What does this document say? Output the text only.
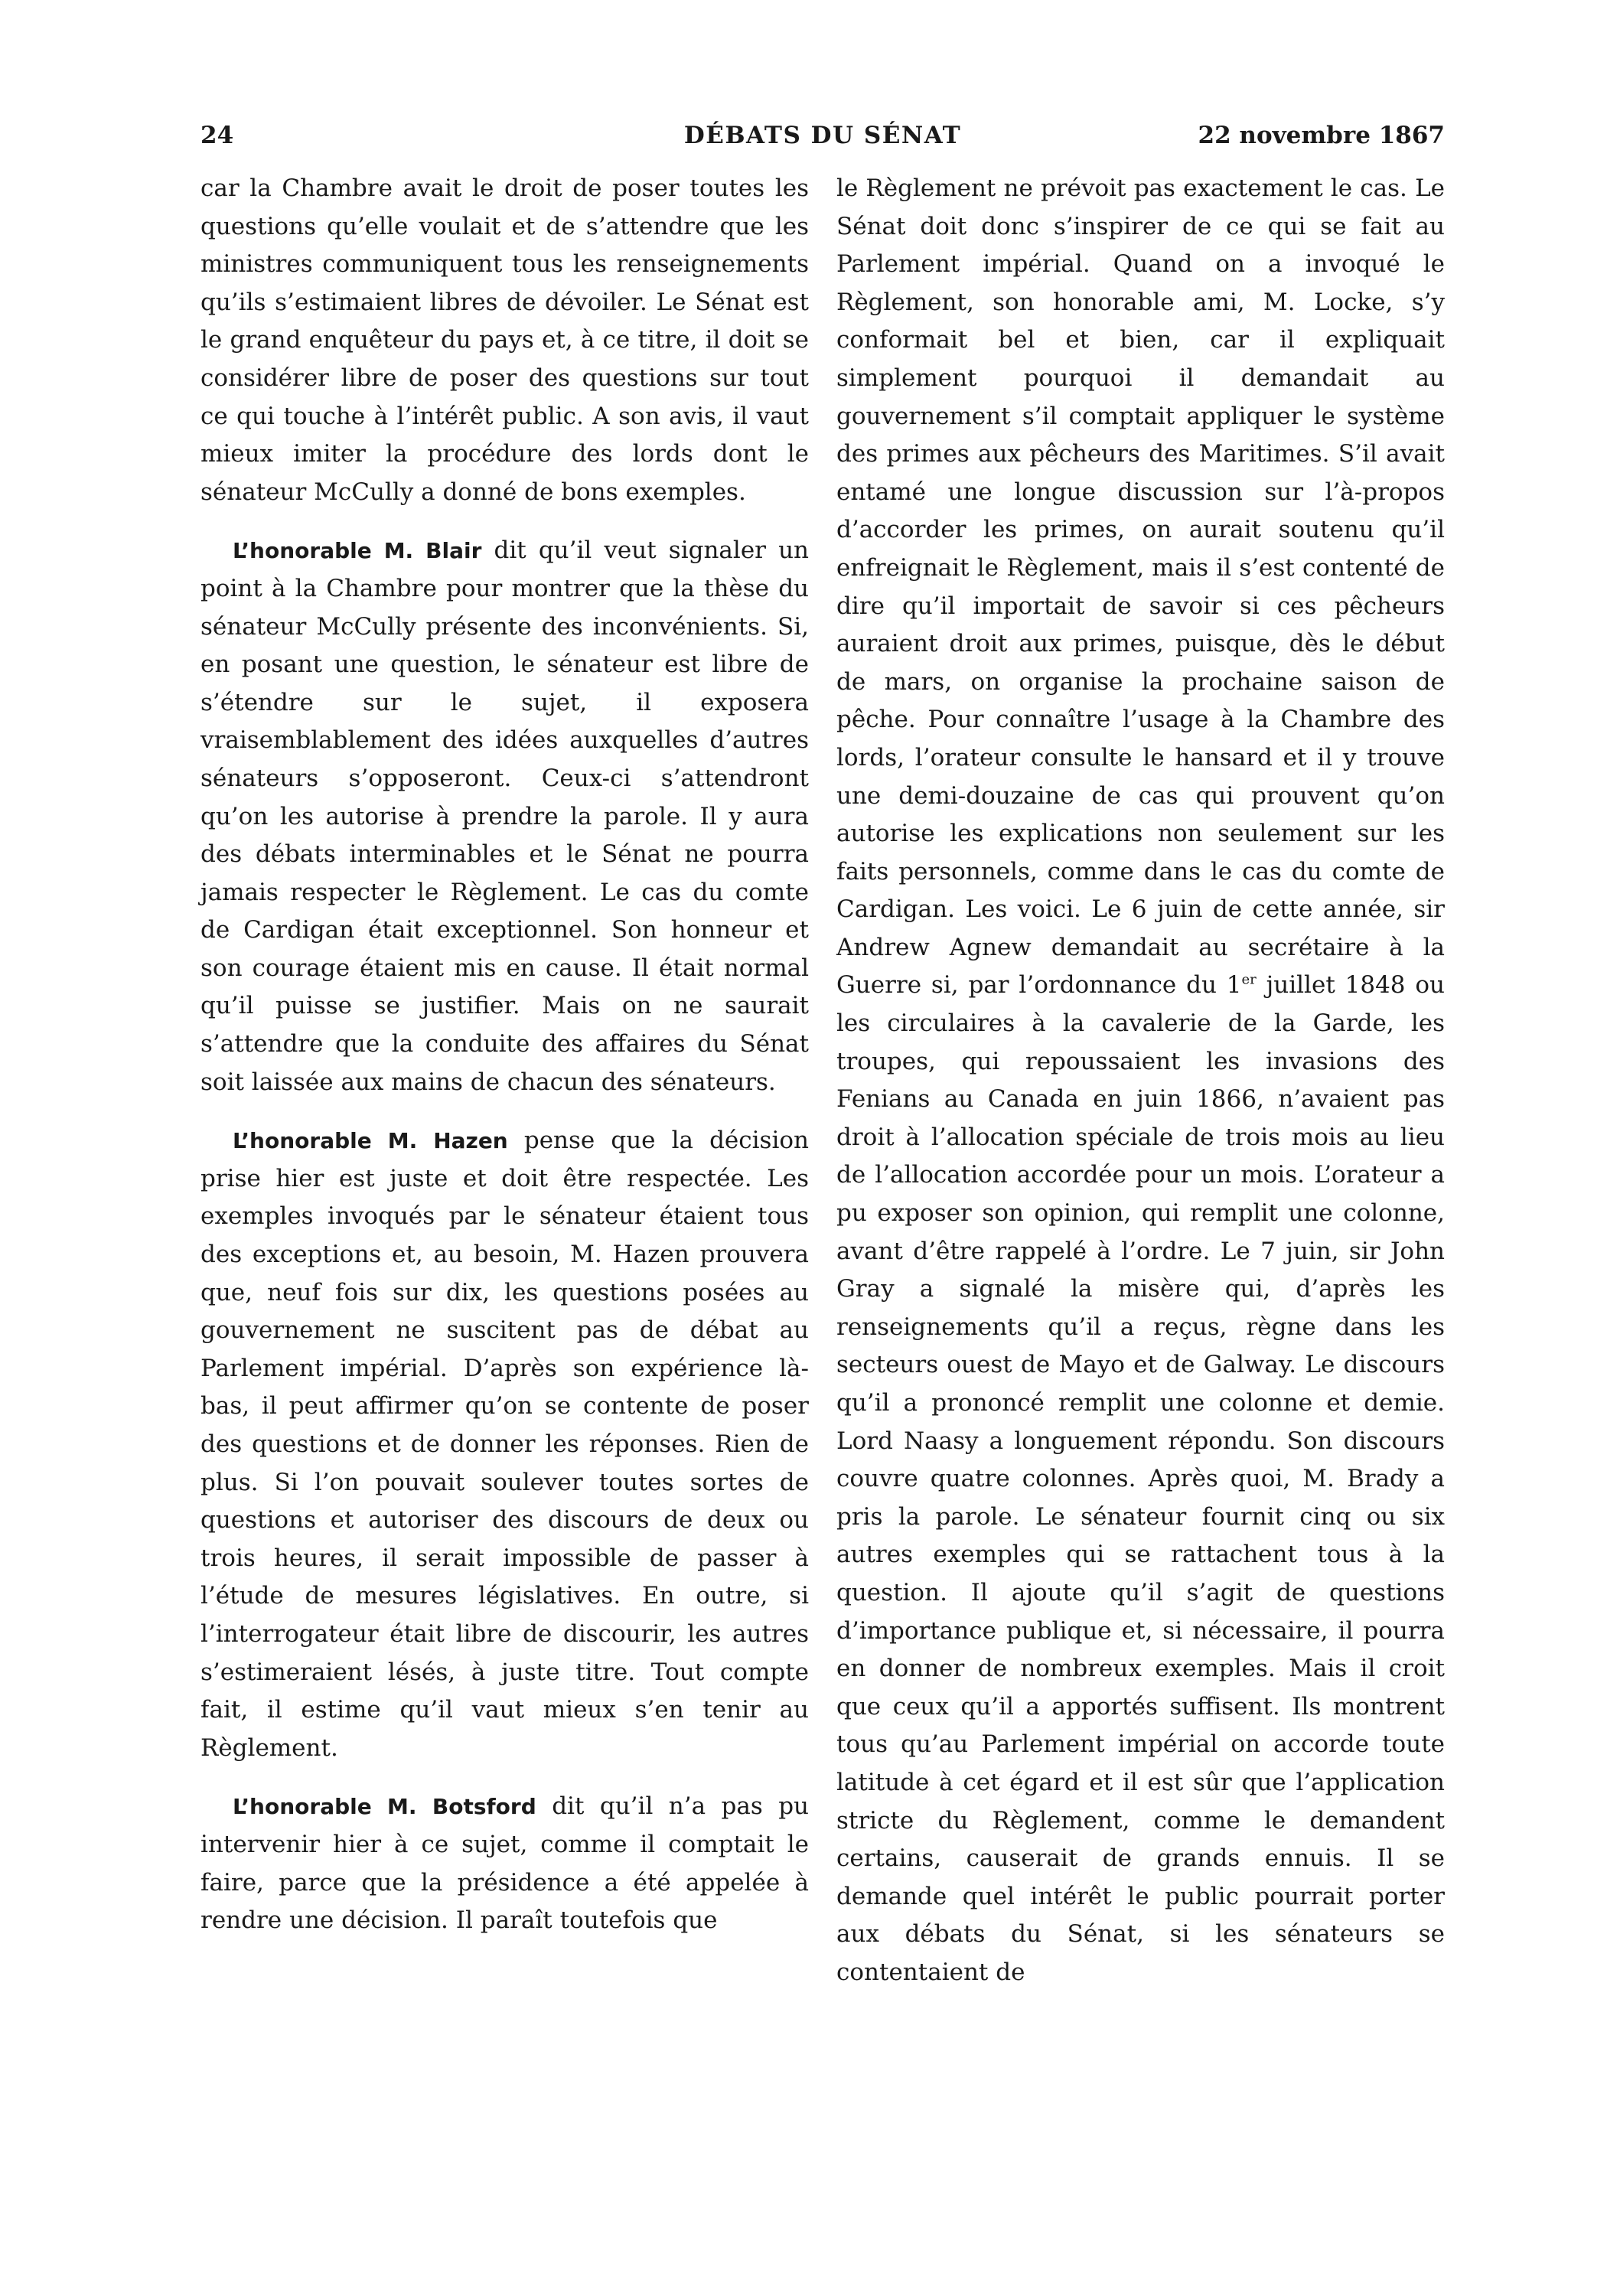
24	DÉBATS DU SÉNAT	22 novembre 1867

car la Chambre avait le droit de poser toutes les questions qu’elle voulait et de s’attendre que les ministres communiquent tous les renseignements qu’ils s’estimaient libres de dévoiler. Le Sénat est le grand enquêteur du pays et, à ce titre, il doit se considérer libre de poser des questions sur tout ce qui touche à l’intérêt public. A son avis, il vaut mieux imiter la procédure des lords dont le sénateur McCully a donné de bons exemples.

L’honorable M. Blair dit qu’il veut signaler un point à la Chambre pour montrer que la thèse du sénateur McCully présente des inconvénients. Si, en posant une question, le sénateur est libre de s’étendre sur le sujet, il exposera vraisemblablement des idées auxquelles d’autres sénateurs s’opposeront. Ceux-ci s’attendront qu’on les autorise à prendre la parole. Il y aura des débats interminables et le Sénat ne pourra jamais respecter le Règlement. Le cas du comte de Cardigan était exceptionnel. Son honneur et son courage étaient mis en cause. Il était normal qu’il puisse se justifier. Mais on ne saurait s’attendre que la conduite des affaires du Sénat soit laissée aux mains de chacun des sénateurs.

L’honorable M. Hazen pense que la décision prise hier est juste et doit être respectée. Les exemples invoqués par le sénateur étaient tous des exceptions et, au besoin, M. Hazen prouvera que, neuf fois sur dix, les questions posées au gouvernement ne suscitent pas de débat au Parlement impérial. D’après son expérience là-bas, il peut affirmer qu’on se contente de poser des questions et de donner les réponses. Rien de plus. Si l’on pouvait soulever toutes sortes de questions et autoriser des discours de deux ou trois heures, il serait impossible de passer à l’étude de mesures législatives. En outre, si l’interrogateur était libre de discourir, les autres s’estimeraient lésés, à juste titre. Tout compte fait, il estime qu’il vaut mieux s’en tenir au Règlement.

L’honorable M. Botsford dit qu’il n’a pas pu intervenir hier à ce sujet, comme il comptait le faire, parce que la présidence a été appelée à rendre une décision. Il paraît toutefois que

le Règlement ne prévoit pas exactement le cas. Le Sénat doit donc s’inspirer de ce qui se fait au Parlement impérial. Quand on a invoqué le Règlement, son honorable ami, M. Locke, s’y conformait bel et bien, car il expliquait simplement pourquoi il demandait au gouvernement s’il comptait appliquer le système des primes aux pêcheurs des Maritimes. S’il avait entamé une longue discussion sur l’à-propos d’accorder les primes, on aurait soutenu qu’il enfreignait le Règlement, mais il s’est contenté de dire qu’il importait de savoir si ces pêcheurs auraient droit aux primes, puisque, dès le début de mars, on organise la prochaine saison de pêche. Pour connaître l’usage à la Chambre des lords, l’orateur consulte le hansard et il y trouve une demi-douzaine de cas qui prouvent qu’on autorise les explications non seulement sur les faits personnels, comme dans le cas du comte de Cardigan. Les voici. Le 6 juin de cette année, sir Andrew Agnew demandait au secrétaire à la Guerre si, par l’ordonnance du 1er juillet 1848 ou les circulaires à la cavalerie de la Garde, les troupes, qui repoussaient les invasions des Fenians au Canada en juin 1866, n’avaient pas droit à l’allocation spéciale de trois mois au lieu de l’allocation accordée pour un mois. L’orateur a pu exposer son opinion, qui remplit une colonne, avant d’être rappelé à l’ordre. Le 7 juin, sir John Gray a signalé la misère qui, d’après les renseignements qu’il a reçus, règne dans les secteurs ouest de Mayo et de Galway. Le discours qu’il a prononcé remplit une colonne et demie. Lord Naasy a longuement répondu. Son discours couvre quatre colonnes. Après quoi, M. Brady a pris la parole. Le sénateur fournit cinq ou six autres exemples qui se rattachent tous à la question. Il ajoute qu’il s’agit de questions d’importance publique et, si nécessaire, il pourra en donner de nombreux exemples. Mais il croit que ceux qu’il a apportés suffisent. Ils montrent tous qu’au Parlement impérial on accorde toute latitude à cet égard et il est sûr que l’application stricte du Règlement, comme le demandent certains, causerait de grands ennuis. Il se demande quel intérêt le public pourrait porter aux débats du Sénat, si les sénateurs se contentaient de
